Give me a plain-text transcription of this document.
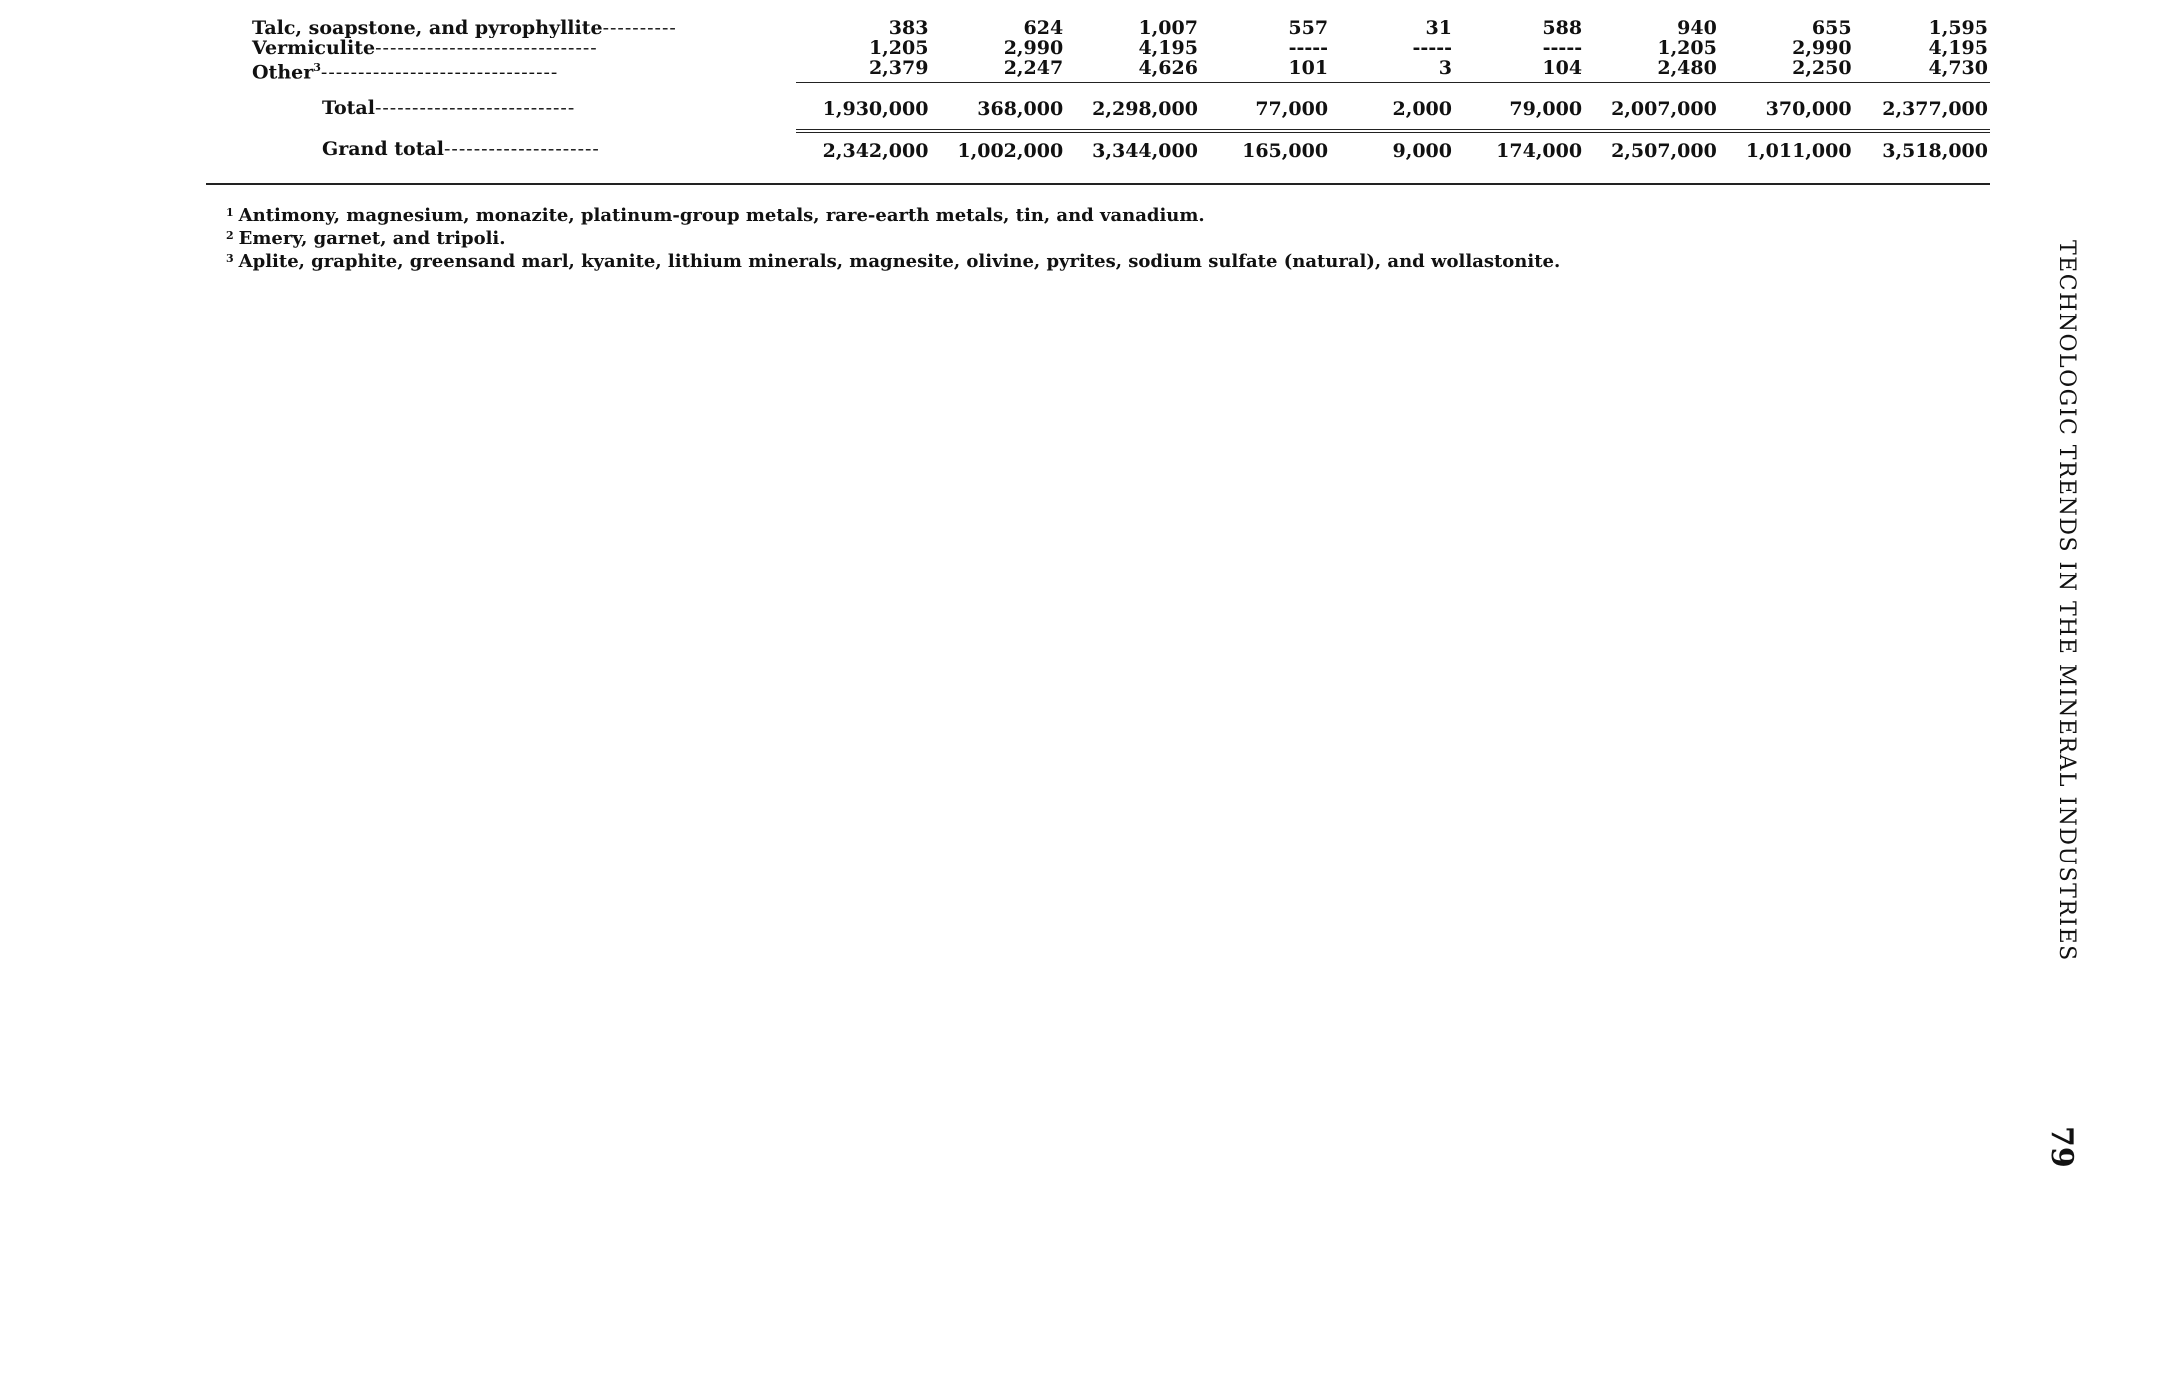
Talc, soapstone, and pyrophyllite----------	383	624	1,007	557	31	588	940	655	1,595
Vermiculite------------------------------	1,205	2,990	4,195	-----	-----	-----	1,205	2,990	4,195
Other$^3$--------------------------------	2,379	2,247	4,626	101	3	104	2,480	2,250	4,730
Total---------------------------	1,930,000	368,000	2,298,000	77,000	2,000	79,000	2,007,000	370,000	2,377,000
Grand total---------------------	2,342,000	1,002,000	3,344,000	165,000	9,000	174,000	2,507,000	1,011,000	3,518,000

$^1$ Antimony, magnesium, monazite, platinum-group metals, rare-earth metals, tin, and vanadium.

$^2$ Emery, garnet, and tripoli.

$^3$ Aplite, graphite, greensand marl, kyanite, lithium minerals, magnesite, olivine, pyrites, sodium sulfate (natural), and wollastonite.	TECHNOLOGIC TRENDS IN THE MINERAL INDUSTRIES
79
